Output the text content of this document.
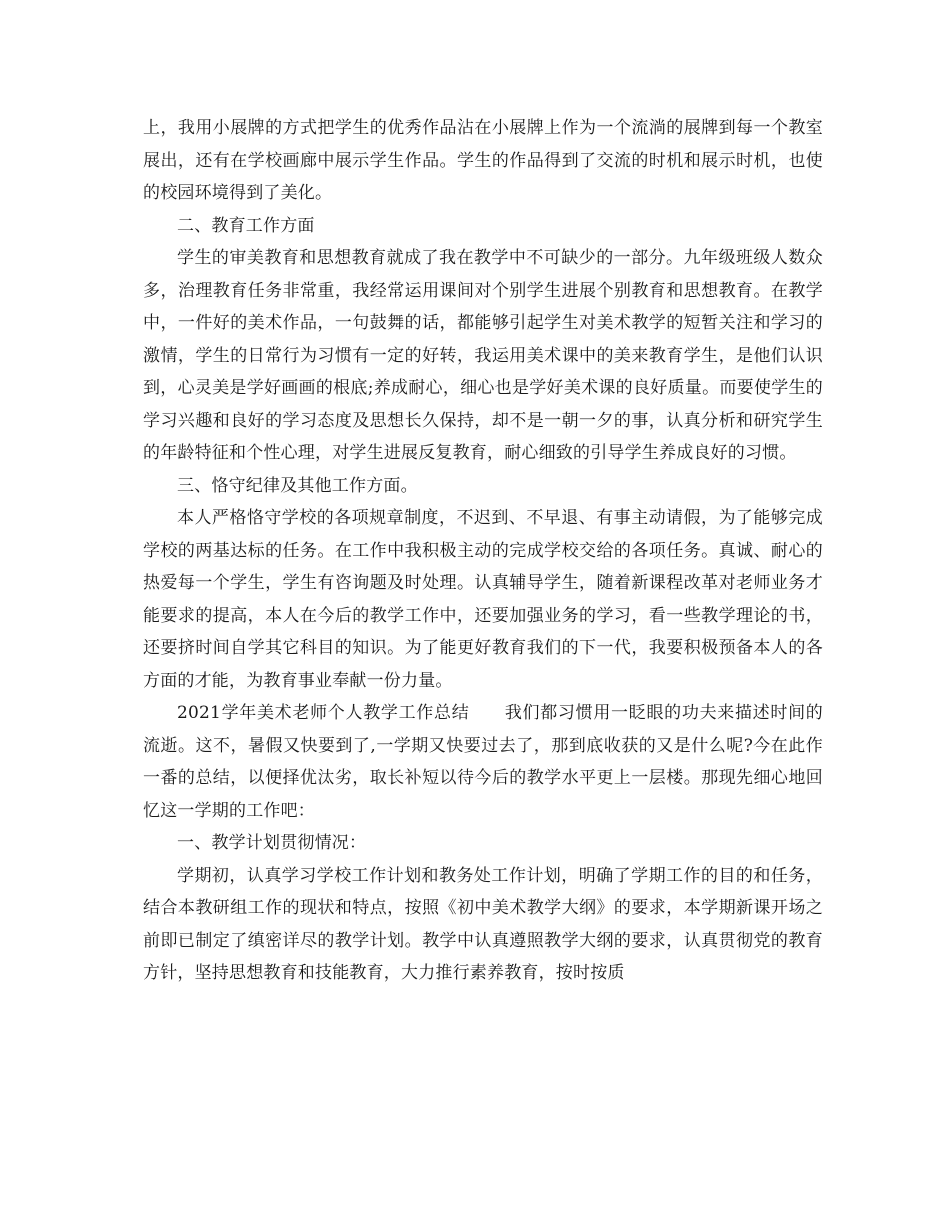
上，我用小展牌的方式把学生的优秀作品沾在小展牌上作为一个流淌的展牌到每一个教室展出，还有在学校画廊中展示学生作品。学生的作品得到了交流的时机和展示时机，也使的校园环境得到了美化。

二、教育工作方面

学生的审美教育和思想教育就成了我在教学中不可缺少的一部分。九年级班级人数众多，治理教育任务非常重，我经常运用课间对个别学生进展个别教育和思想教育。在教学中，一件好的美术作品，一句鼓舞的话，都能够引起学生对美术教学的短暂关注和学习的激情，学生的日常行为习惯有一定的好转，我运用美术课中的美来教育学生，是他们认识到，心灵美是学好画画的根底;养成耐心，细心也是学好美术课的良好质量。而要使学生的学习兴趣和良好的学习态度及思想长久保持，却不是一朝一夕的事，认真分析和研究学生的年龄特征和个性心理，对学生进展反复教育，耐心细致的引导学生养成良好的习惯。

三、恪守纪律及其他工作方面。

本人严格恪守学校的各项规章制度，不迟到、不早退、有事主动请假，为了能够完成学校的两基达标的任务。在工作中我积极主动的完成学校交给的各项任务。真诚、耐心的热爱每一个学生，学生有咨询题及时处理。认真辅导学生，随着新课程改革对老师业务才能要求的提高，本人在今后的教学工作中，还要加强业务的学习，看一些教学理论的书，还要挤时间自学其它科目的知识。为了能更好教育我们的下一代，我要积极预备本人的各方面的才能，为教育事业奉献一份力量。

2021学年美术老师个人教学工作总结　　我们都习惯用一眨眼的功夫来描述时间的流逝。这不，暑假又快要到了,一学期又快要过去了，那到底收获的又是什么呢?今在此作一番的总结，以便择优汰劣，取长补短以待今后的教学水平更上一层楼。那现先细心地回忆这一学期的工作吧：

一、教学计划贯彻情况：

学期初，认真学习学校工作计划和教务处工作计划，明确了学期工作的目的和任务，结合本教研组工作的现状和特点，按照《初中美术教学大纲》的要求，本学期新课开场之前即已制定了缜密详尽的教学计划。教学中认真遵照教学大纲的要求，认真贯彻党的教育方针，坚持思想教育和技能教育，大力推行素养教育，按时按质
